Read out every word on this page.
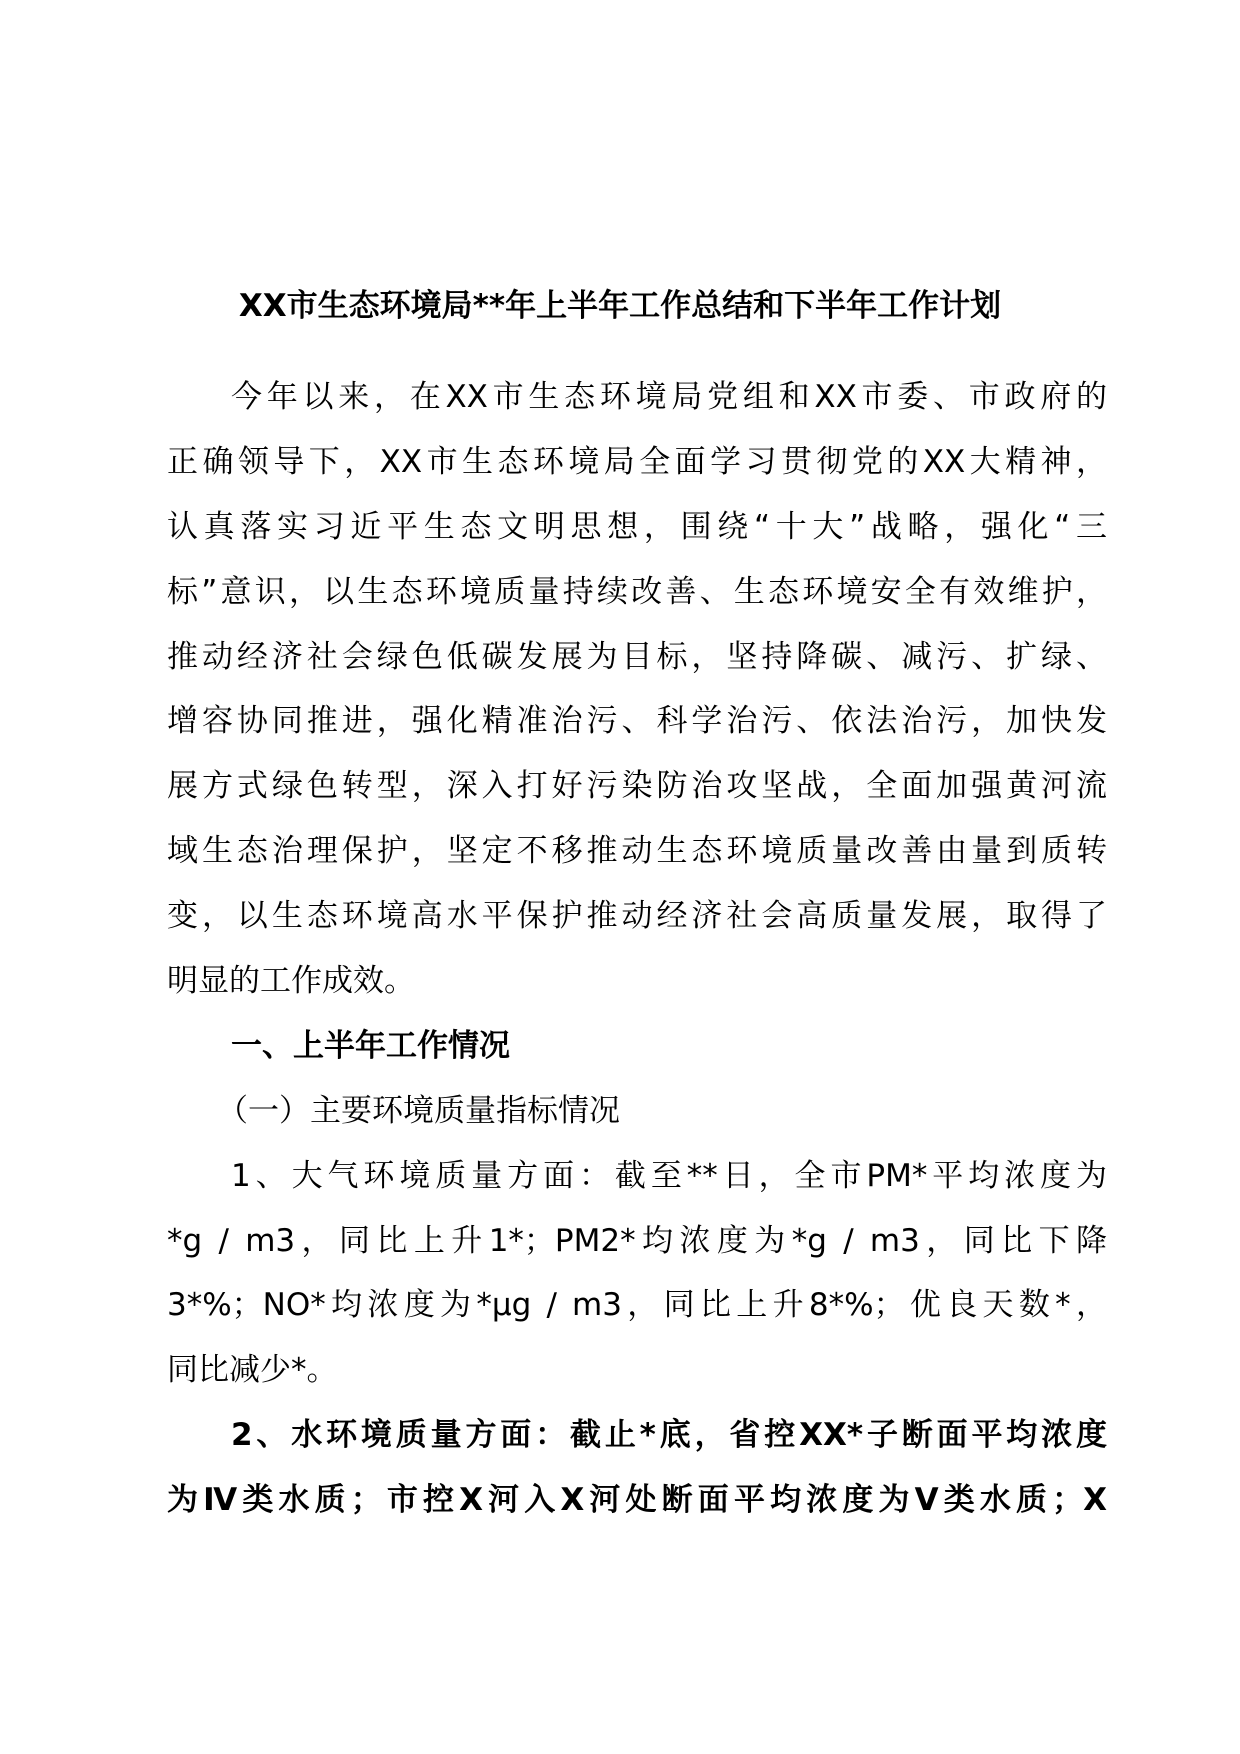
XX市生态环境局**年上半年工作总结和下半年工作计划
今年以来，在XX市生态环境局党组和XX市委、市政府的
正确领导下，XX市生态环境局全面学习贯彻党的XX大精神，
认真落实习近平生态文明思想，围绕“十大”战略，强化“三
标”意识，以生态环境质量持续改善、生态环境安全有效维护，
推动经济社会绿色低碳发展为目标，坚持降碳、减污、扩绿、
增容协同推进，强化精准治污、科学治污、依法治污，加快发
展方式绿色转型，深入打好污染防治攻坚战，全面加强黄河流
域生态治理保护，坚定不移推动生态环境质量改善由量到质转
变，以生态环境高水平保护推动经济社会高质量发展，取得了
明显的工作成效。
一、上半年工作情况
（一）主要环境质量指标情况
1、大气环境质量方面：截至**日，全市PM*平均浓度为
*g / m3，同比上升1*；PM2*均浓度为*g / m3，同比下降
3*%；NO*均浓度为*μg / m3，同比上升8*%；优良天数*，
同比减少*。
2、水环境质量方面：截止*底，省控XX*子断面平均浓度
为Ⅳ类水质；市控X河入X河处断面平均浓度为Ⅴ类水质；X
